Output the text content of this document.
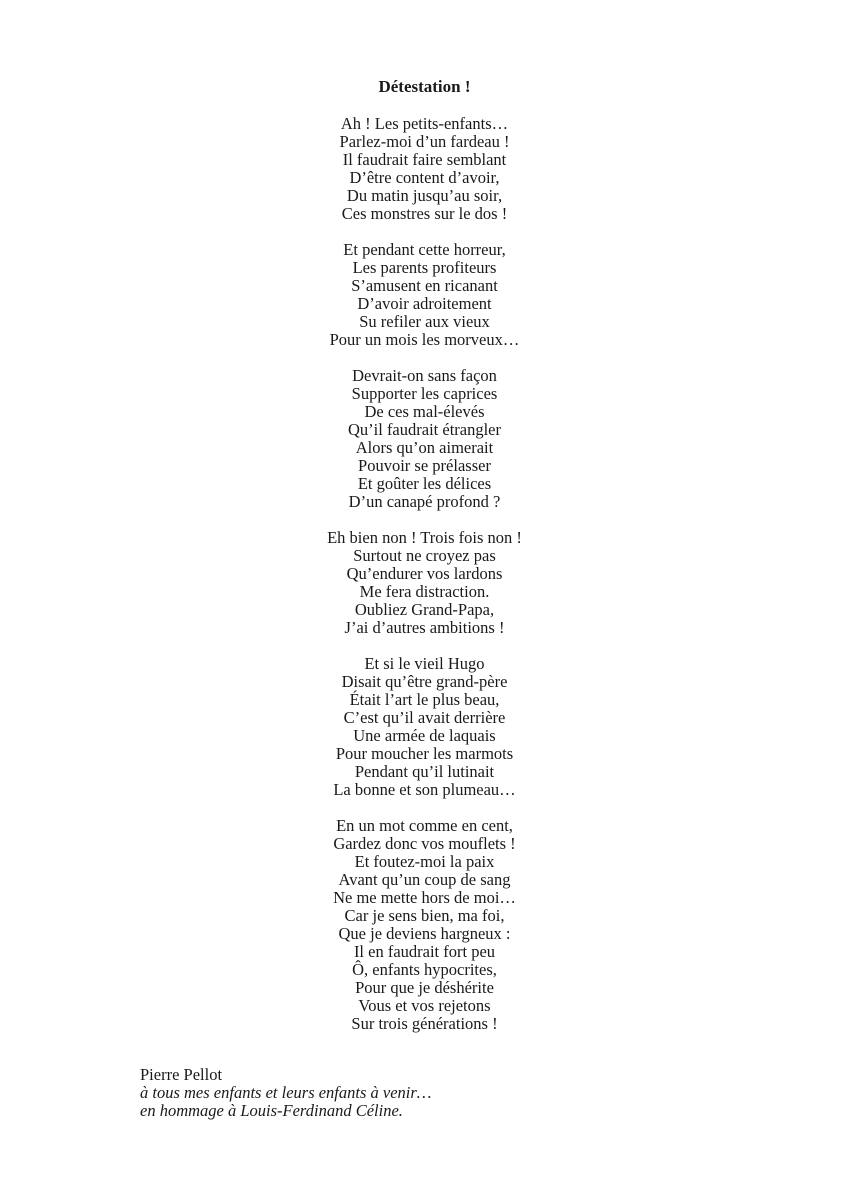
Détestation !
Ah ! Les petits-enfants…
Parlez-moi d’un fardeau !
Il faudrait faire semblant
D’être content d’avoir,
Du matin jusqu’au soir,
Ces monstres sur le dos !
Et pendant cette horreur,
Les parents profiteurs
S’amusent en ricanant
D’avoir adroitement
Su refiler aux vieux
Pour un mois les morveux…
Devrait-on sans façon
Supporter les caprices
De ces mal-élevés
Qu’il faudrait étrangler
Alors qu’on aimerait
Pouvoir se prélasser
Et goûter les délices
D’un canapé profond ?
Eh bien non ! Trois fois non !
Surtout ne croyez pas
Qu’endurer vos lardons
Me fera distraction.
Oubliez Grand-Papa,
J’ai d’autres ambitions !
Et si le vieil Hugo
Disait qu’être grand-père
Était l’art le plus beau,
C’est qu’il avait derrière
Une armée de laquais
Pour moucher les marmots
Pendant qu’il lutinait
La bonne et son plumeau…
En un mot comme en cent,
Gardez donc vos mouflets !
Et foutez-moi la paix
Avant qu’un coup de sang
Ne me mette hors de moi…
Car je sens bien, ma foi,
Que je deviens hargneux :
Il en faudrait fort peu
Ô, enfants hypocrites,
Pour que je déshérite
Vous et vos rejetons
Sur trois générations !
Pierre Pellot
à tous mes enfants et leurs enfants à venir…
en hommage à Louis-Ferdinand Céline.
